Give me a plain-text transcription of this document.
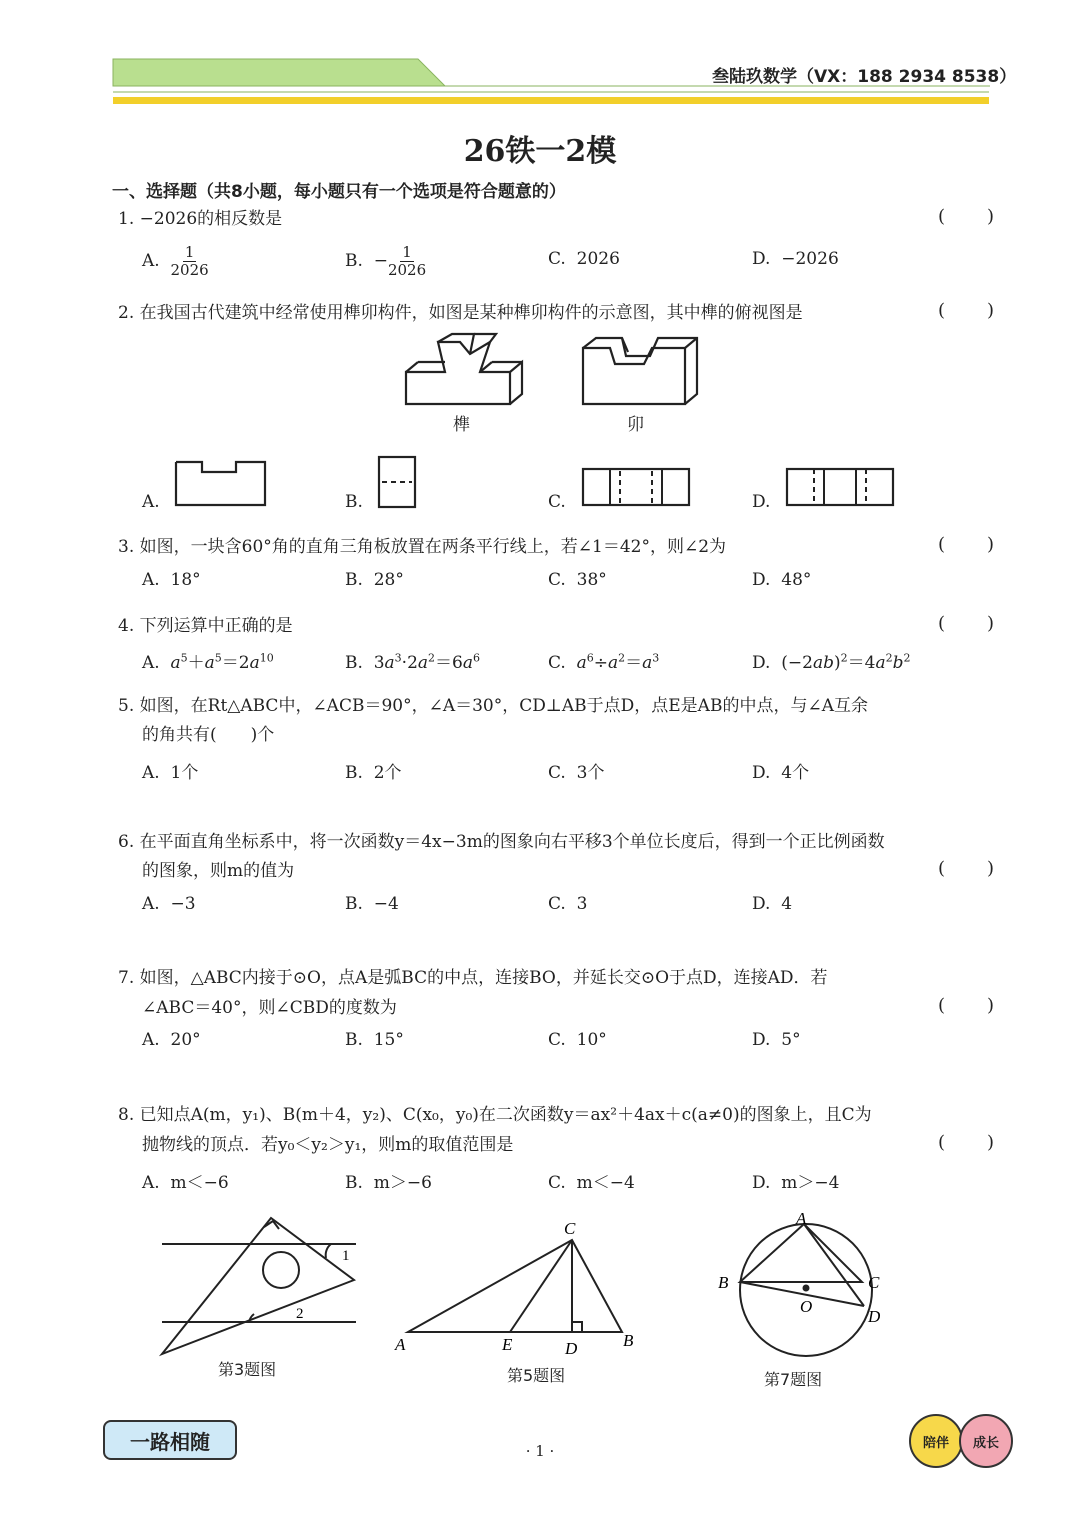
叁陆玖数学（VX：188 2934 8538）
26铁一2模
一、选择题（共8小题，每小题只有一个选项是符合题意的）
1. −2026的相反数是	( )
A. $\frac{1}{2026}$	B. − $\frac{1}{2026}$	C. 2026	D. −2026
2. 在我国古代建筑中经常使用榫卯构件，如图是某种榫卯构件的示意图，其中榫的俯视图是	( )
榫	卯
A.	B.	C.	D.
3. 如图，一块含60°角的直角三角板放置在两条平行线上，若∠1＝42°，则∠2为	( )
A. 18°	B. 28°	C. 38°	D. 48°
4. 下列运算中正确的是	( )
A. $a^5+a^5=2a^{10}$	B.  $3a^3\cdot 2a^2=6a^6$	C. $a^6\div a^2=a^3$	D.  $(-2ab)^2=4a^2b^2$
5. 如图，在Rt△ABC中，∠ACB＝90°，∠A＝30°，CD⊥AB于点D，点E是AB的中点，与∠A互余
的角共有(　　)个
A. 1个	B. 2个	C. 3个	D. 4个
6. 在平面直角坐标系中，将一次函数y＝4x−3m的图象向右平移3个单位长度后，得到一个正比例函数
的图象，则m的值为	( )
A. −3	B. −4	C. 3	D. 4
7. 如图，△ABC内接于⊙O，点A是弧BC的中点，连接BO，并延长交⊙O于点D，连接AD．若
∠ABC＝40°，则∠CBD的度数为	( )
A. 20°	B. 15°	C. 10°	D. 5°
8. 已知点A(m，y₁)、B(m＋4，y₂)、C(x₀，y₀)在二次函数y＝ax²＋4ax＋c(a≠0)的图象上，且C为
抛物线的顶点．若y₀＜y₂＞y₁，则m的取值范围是	( )
A. m＜−6	B. m＞−6	C. m＜−4	D. m＞−4
1
2
第3题图
A	B
C
D
E
第5题图
A
B	C
D
O
第7题图
一路相随	· 1 ·	陪伴	成长
